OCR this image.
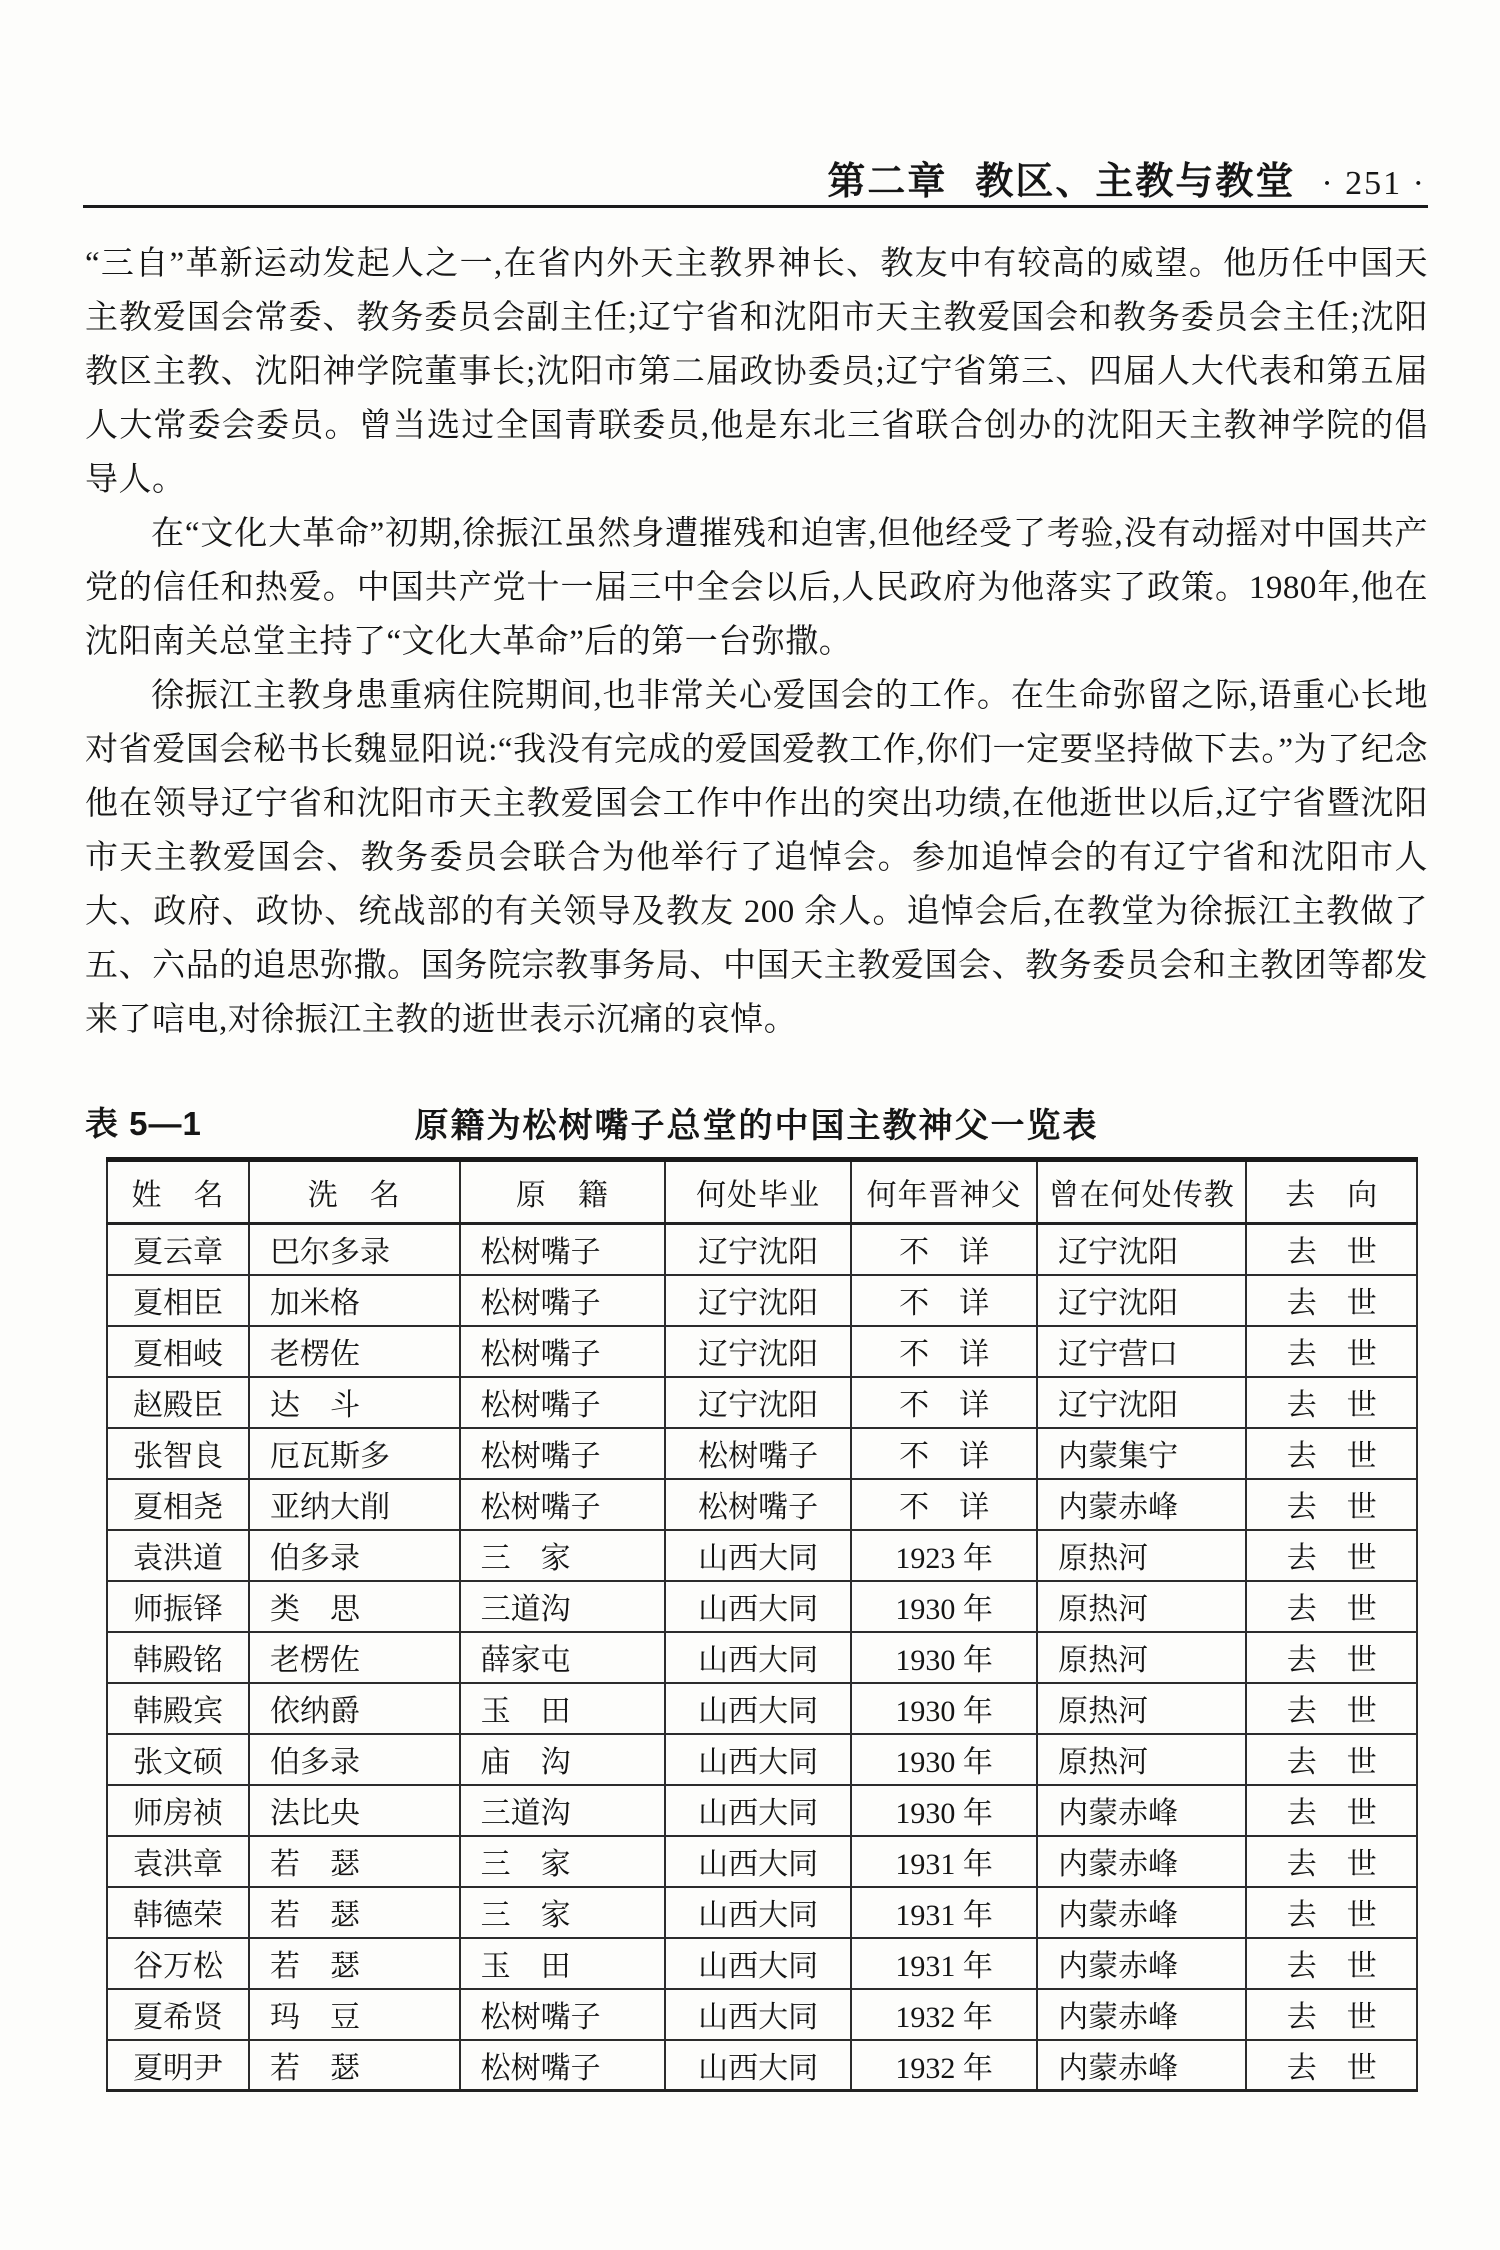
第二章 教区、主教与教堂 · 251 ·

“三自”革新运动发起人之一,在省内外天主教界神长、教友中有较高的威望。他历任中国天主教爱国会常委、教务委员会副主任;辽宁省和沈阳市天主教爱国会和教务委员会主任;沈阳教区主教、沈阳神学院董事长;沈阳市第二届政协委员;辽宁省第三、四届人大代表和第五届人大常委会委员。曾当选过全国青联委员,他是东北三省联合创办的沈阳天主教神学院的倡导人。

在“文化大革命”初期,徐振江虽然身遭摧残和迫害,但他经受了考验,没有动摇对中国共产党的信任和热爱。中国共产党十一届三中全会以后,人民政府为他落实了政策。1980年,他在沈阳南关总堂主持了“文化大革命”后的第一台弥撒。

徐振江主教身患重病住院期间,也非常关心爱国会的工作。在生命弥留之际,语重心长地对省爱国会秘书长魏显阳说:“我没有完成的爱国爱教工作,你们一定要坚持做下去。”为了纪念他在领导辽宁省和沈阳市天主教爱国会工作中作出的突出功绩,在他逝世以后,辽宁省暨沈阳市天主教爱国会、教务委员会联合为他举行了追悼会。参加追悼会的有辽宁省和沈阳市人大、政府、政协、统战部的有关领导及教友 200 余人。追悼会后,在教堂为徐振江主教做了五、六品的追思弥撒。国务院宗教事务局、中国天主教爱国会、教务委员会和主教团等都发来了唁电,对徐振江主教的逝世表示沉痛的哀悼。

表 5—1	原籍为松树嘴子总堂的中国主教神父一览表
姓　名	洗　名	原　籍	何处毕业	何年晋神父	曾在何处传教	去　向
夏云章	巴尔多录	松树嘴子	辽宁沈阳	不　详	辽宁沈阳	去　世
夏相臣	加米格	松树嘴子	辽宁沈阳	不　详	辽宁沈阳	去　世
夏相岐	老楞佐	松树嘴子	辽宁沈阳	不　详	辽宁营口	去　世
赵殿臣	达　斗	松树嘴子	辽宁沈阳	不　详	辽宁沈阳	去　世
张智良	厄瓦斯多	松树嘴子	松树嘴子	不　详	内蒙集宁	去　世
夏相尧	亚纳大削	松树嘴子	松树嘴子	不　详	内蒙赤峰	去　世
袁洪道	伯多录	三　家	山西大同	1923 年	原热河	去　世
师振铎	类　思	三道沟	山西大同	1930 年	原热河	去　世
韩殿铭	老楞佐	薛家屯	山西大同	1930 年	原热河	去　世
韩殿宾	依纳爵	玉　田	山西大同	1930 年	原热河	去　世
张文硕	伯多录	庙　沟	山西大同	1930 年	原热河	去　世
师房祯	法比央	三道沟	山西大同	1930 年	内蒙赤峰	去　世
袁洪章	若　瑟	三　家	山西大同	1931 年	内蒙赤峰	去　世
韩德荣	若　瑟	三　家	山西大同	1931 年	内蒙赤峰	去　世
谷万松	若　瑟	玉　田	山西大同	1931 年	内蒙赤峰	去　世
夏希贤	玛　豆	松树嘴子	山西大同	1932 年	内蒙赤峰	去　世
夏明尹	若　瑟	松树嘴子	山西大同	1932 年	内蒙赤峰	去　世
